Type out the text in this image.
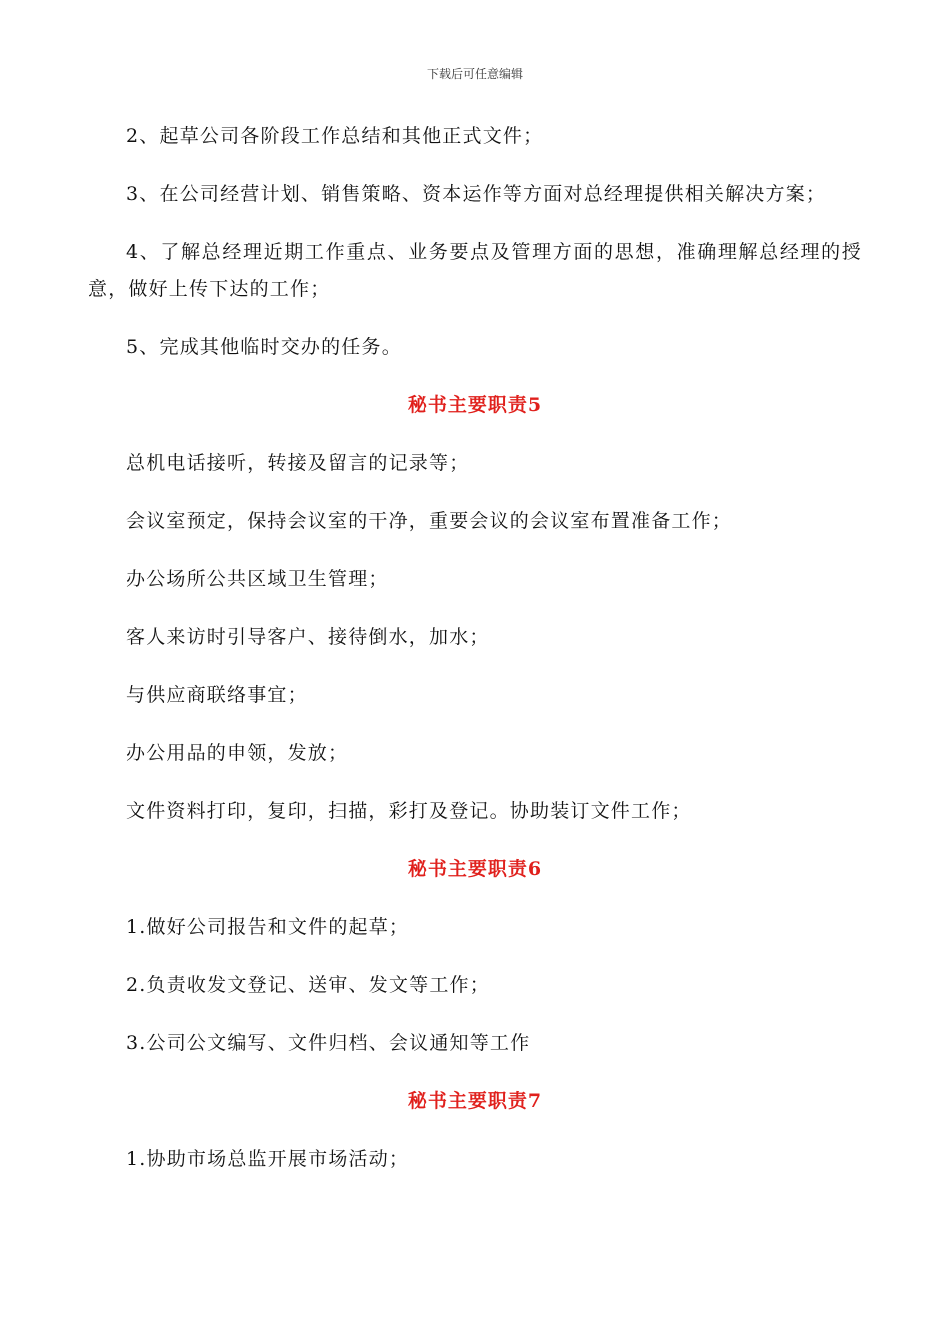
下载后可任意编辑

2、起草公司各阶段工作总结和其他正式文件；

3、在公司经营计划、销售策略、资本运作等方面对总经理提供相关解决方案；

4、了解总经理近期工作重点、业务要点及管理方面的思想，准确理解总经理的授意，做好上传下达的工作；

5、完成其他临时交办的任务。

秘书主要职责5

总机电话接听，转接及留言的记录等；

会议室预定，保持会议室的干净，重要会议的会议室布置准备工作；

办公场所公共区域卫生管理；

客人来访时引导客户、接待倒水，加水；

与供应商联络事宜；

办公用品的申领，发放；

文件资料打印，复印，扫描，彩打及登记。协助装订文件工作；

秘书主要职责6

1.做好公司报告和文件的起草；

2.负责收发文登记、送审、发文等工作；

3.公司公文编写、文件归档、会议通知等工作

秘书主要职责7

1.协助市场总监开展市场活动；
